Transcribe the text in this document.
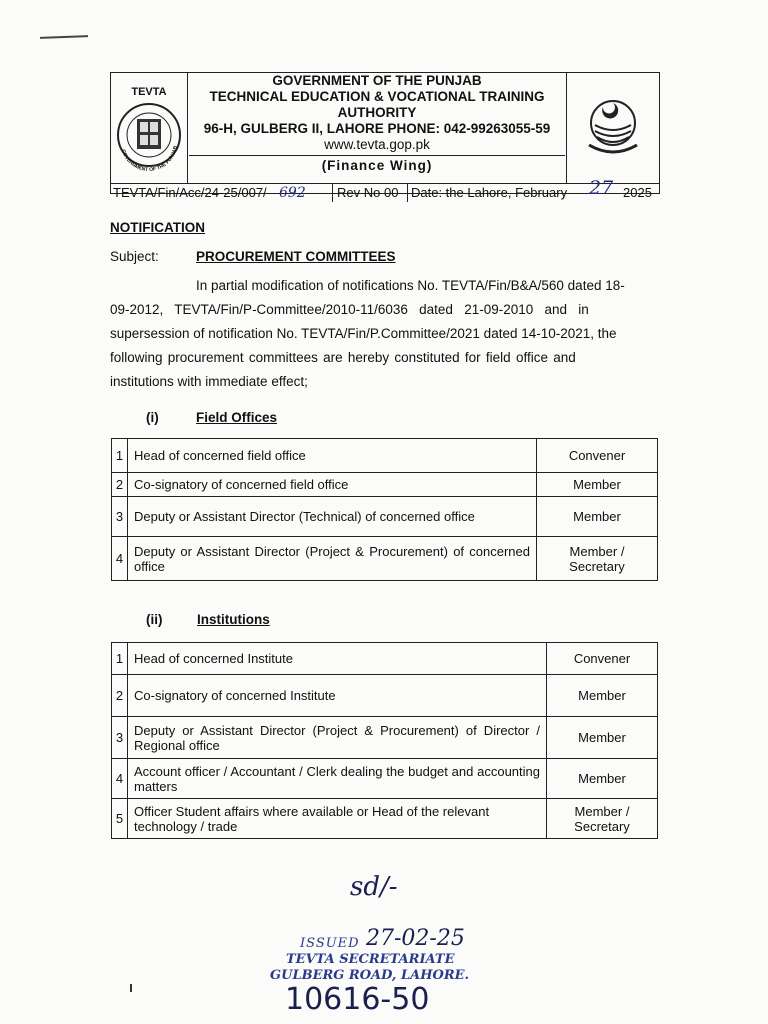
TEVTA
GOVERNMENT OF THE PUNJAB
GOVERNMENT OF THE PUNJAB
TECHNICAL EDUCATION & VOCATIONAL TRAINING
AUTHORITY
96-H, GULBERG II, LAHORE PHONE: 042-99263055-59
www.tevta.gop.pk
(Finance Wing)
TEVTA/Fin/Acc/24-25/007/ 692 Rev No 00 Date: the Lahore, February 27 2025
NOTIFICATION
Subject:	PROCUREMENT COMMITTEES
In partial modification of notifications No. TEVTA/Fin/B&A/560 dated 18-
09-2012,   TEVTA/Fin/P-Committee/2010-11/6036   dated   21-09-2010   and   in
supersession of notification No. TEVTA/Fin/P.Committee/2021 dated 14-10-2021, the
following procurement committees are hereby constituted for field office and
institutions with immediate effect;
(i)	Field Offices
1	Head of concerned field office	Convener
2	Co-signatory of concerned field office	Member
3	Deputy or Assistant Director (Technical) of concerned office	Member
4	Deputy or Assistant Director (Project & Procurement) of concerned office	Member / Secretary
(ii)	Institutions
1	Head of concerned Institute	Convener
2	Co-signatory of concerned Institute	Member
3	Deputy or Assistant Director (Project & Procurement) of Director / Regional office	Member
4	Account officer / Accountant / Clerk dealing the budget and accounting matters	Member
5	Officer Student affairs where available or Head of the relevant technology / trade	Member / Secretary
sd/-
ISSUED 27-02-25
TEVTA SECRETARIATE
GULBERG ROAD, LAHORE.
10616-50
